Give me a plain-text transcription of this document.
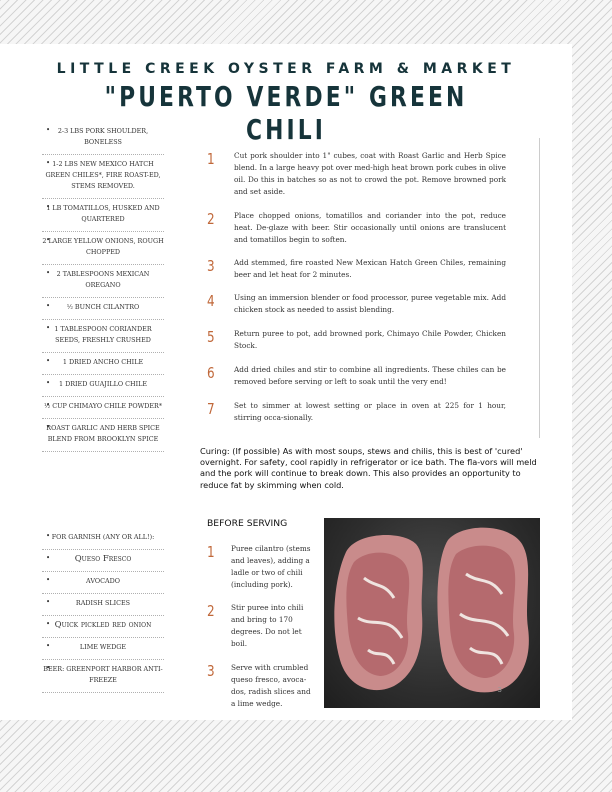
LITTLE CREEK OYSTER FARM & MARKET
"PUERTO VERDE" GREEN CHILI
• 2-3 LBS PORK SHOULDER, BONELESS
• 1-2 LBS NEW MEXICO HATCH GREEN CHILES*, FIRE ROAST-ED, STEMS REMOVED.
• 1 LB TOMATILLOS, HUSKED AND QUARTERED
• 2 LARGE YELLOW ONIONS, ROUGH CHOPPED
• 2 TABLESPOONS MEXICAN OREGANO
• ½ BUNCH CILANTRO
• 1 TABLESPOON CORIANDER SEEDS, FRESHLY CRUSHED
• 1 DRIED ANCHO CHILE
• 1 DRIED GUAJILLO CHILE
• ½ CUP CHIMAYO CHILE POWDER*
• ROAST GARLIC AND HERB SPICE BLEND FROM BROOKLYN SPICE
• FOR GARNISH (ANY OR ALL!):
• Queso Fresco
• AVOCADO
• RADISH SLICES
• Quick pickled red onion
• LIME WEDGE
• BEER: GREENPORT HARBOR ANTI-FREEZE
1	Cut pork shoulder into 1" cubes, coat with Roast Garlic and Herb Spice blend. In a large heavy pot over med-high heat brown pork cubes in olive oil. Do this in batches so as not to crowd the pot. Remove browned pork and set aside.

2	Place chopped onions, tomatillos and coriander into the pot, reduce heat. De-glaze with beer. Stir occasionally until onions are translucent and tomatillos begin to soften.

3	Add stemmed, fire roasted New Mexican Hatch Green Chiles, remaining beer and let heat for 2 minutes.

4	Using an immersion blender or food processor, puree vegetable mix. Add chicken stock as needed to assist blending.

5	Return puree to pot, add browned pork, Chimayo Chile Powder, Chicken Stock.

6	Add dried chiles and stir to combine all ingredients. These chiles can be removed before serving or left to soak until the very end!

7	Set to simmer at lowest setting or place in oven at 225 for 1 hour, stirring occa-sionally.

Curing: (If possible) As with most soups, stews and chilis, this is best of 'cured' overnight. For safety, cool rapidly in refrigerator or ice bath. The fla-vors will meld and the pork will continue to break down. This also provides an opportunity to reduce fat by skimming when cold.

BEFORE SERVING
1 Puree cilantro (stems and leaves), adding a ladle or two of chili (including pork).

2 Stir puree into chili and bring to 170 degrees. Do not let boil.

3 Serve with crumbled queso fresco, avoca-dos, radish slices and a lime wedge.

3
